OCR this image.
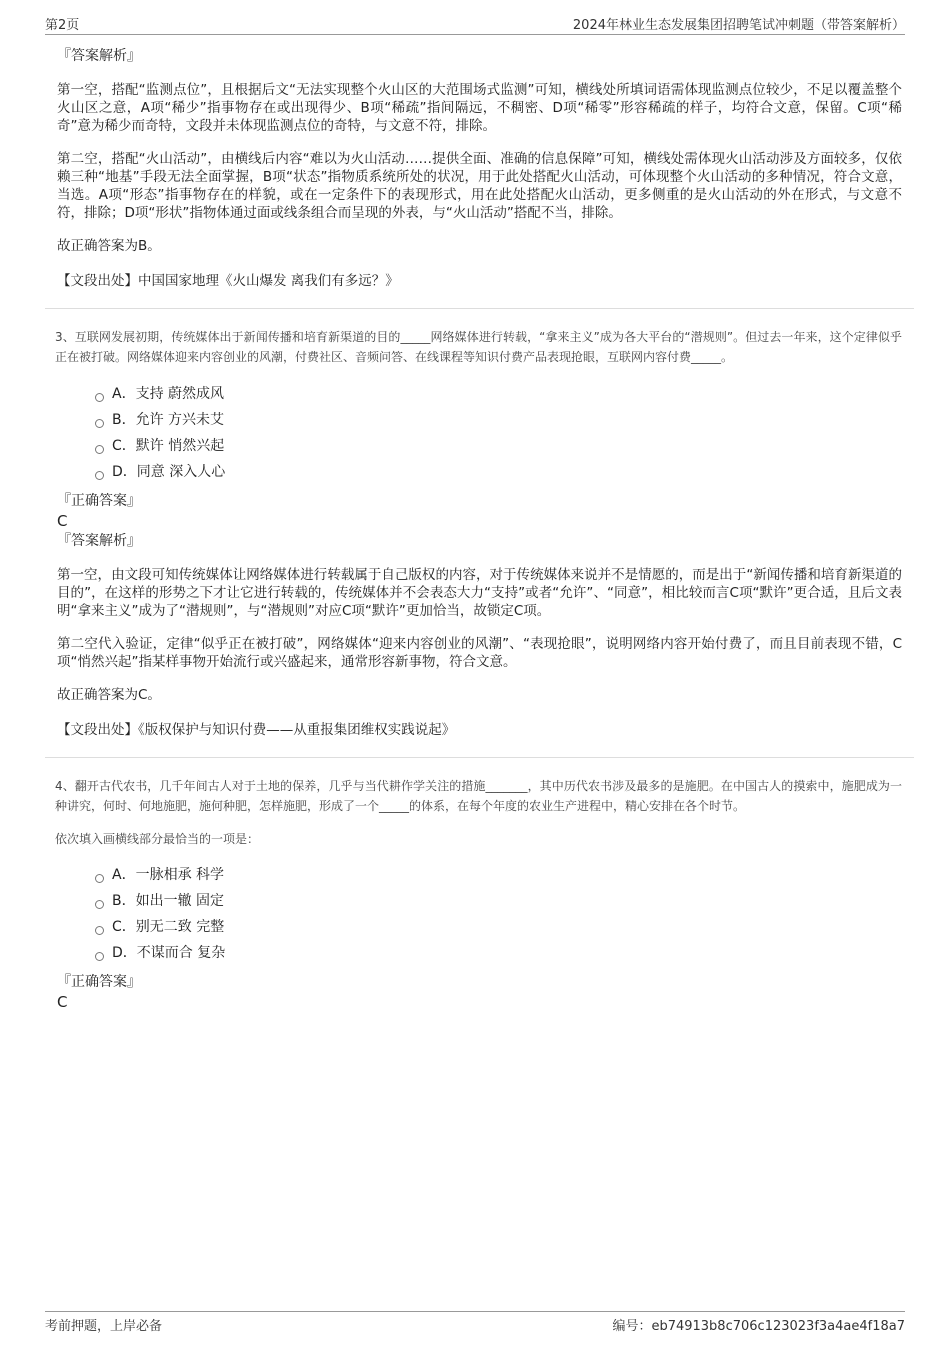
第2页	2024年林业生态发展集团招聘笔试冲刺题（带答案解析）
『答案解析』

第一空，搭配“监测点位”，且根据后文“无法实现整个火山区的大范围场式监测”可知，横线处所填词语需体现监测点位较少，不足以覆盖整个火山区之意，A项“稀少”指事物存在或出现得少、B项“稀疏”指间隔远，不稠密、D项“稀零”形容稀疏的样子，均符合文意，保留。C项“稀奇”意为稀少而奇特，文段并未体现监测点位的奇特，与文意不符，排除。

第二空，搭配“火山活动”，由横线后内容“难以为火山活动……提供全面、准确的信息保障”可知，横线处需体现火山活动涉及方面较多，仅依赖三种“地基”手段无法全面掌握，B项“状态”指物质系统所处的状况，用于此处搭配火山活动，可体现整个火山活动的多种情况，符合文意，当选。A项“形态”指事物存在的样貌，或在一定条件下的表现形式，用在此处搭配火山活动，更多侧重的是火山活动的外在形式，与文意不符，排除；D项“形状”指物体通过面或线条组合而呈现的外表，与“火山活动”搭配不当，排除。

故正确答案为B。

【文段出处】中国国家地理《火山爆发 离我们有多远？》

3、互联网发展初期，传统媒体出于新闻传播和培育新渠道的目的_____网络媒体进行转载，“拿来主义”成为各大平台的“潜规则”。但过去一年来，这个定律似乎正在被打破。网络媒体迎来内容创业的风潮，付费社区、音频问答、在线课程等知识付费产品表现抢眼，互联网内容付费_____。

A．支持 蔚然成风
B．允许 方兴未艾
C．默许 悄然兴起
D．同意 深入人心
『正确答案』
C
『答案解析』

第一空，由文段可知传统媒体让网络媒体进行转载属于自己版权的内容，对于传统媒体来说并不是情愿的，而是出于“新闻传播和培育新渠道的目的”，在这样的形势之下才让它进行转载的，传统媒体并不会表态大力“支持”或者“允许”、“同意”，相比较而言C项“默许”更合适，且后文表明“拿来主义”成为了“潜规则”，与“潜规则”对应C项“默许”更加恰当，故锁定C项。

第二空代入验证，定律“似乎正在被打破”，网络媒体“迎来内容创业的风潮”、“表现抢眼”，说明网络内容开始付费了，而且目前表现不错，C项“悄然兴起”指某样事物开始流行或兴盛起来，通常形容新事物，符合文意。

故正确答案为C。

【文段出处】《版权保护与知识付费——从重报集团维权实践说起》

4、翻开古代农书，几千年间古人对于土地的保养，几乎与当代耕作学关注的措施_______，其中历代农书涉及最多的是施肥。在中国古人的摸索中，施肥成为一种讲究，何时、何地施肥，施何种肥，怎样施肥，形成了一个_____的体系，在每个年度的农业生产进程中，精心安排在各个时节。

依次填入画横线部分最恰当的一项是：

A．一脉相承 科学
B．如出一辙 固定
C．别无二致 完整
D．不谋而合 复杂
『正确答案』
C
考前押题，上岸必备	编号：eb74913b8c706c123023f3a4ae4f18a7
